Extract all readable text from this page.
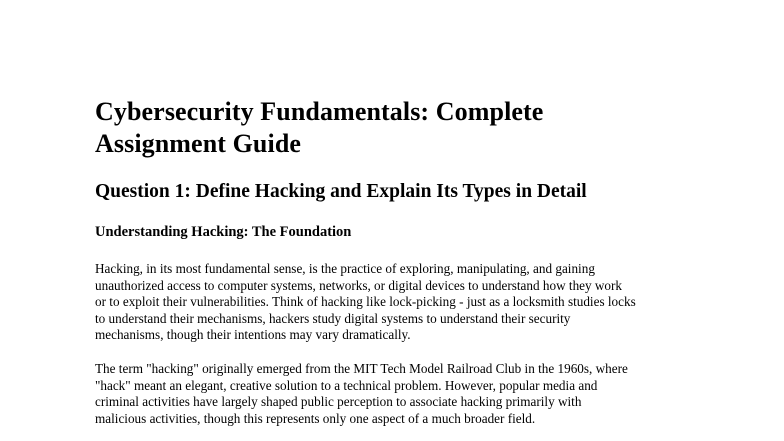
Cybersecurity Fundamentals: Complete
Assignment Guide
Question 1: Define Hacking and Explain Its Types in Detail
Understanding Hacking: The Foundation

Hacking, in its most fundamental sense, is the practice of exploring, manipulating, and gaining
unauthorized access to computer systems, networks, or digital devices to understand how they work
or to exploit their vulnerabilities. Think of hacking like lock-picking - just as a locksmith studies locks
to understand their mechanisms, hackers study digital systems to understand their security
mechanisms, though their intentions may vary dramatically.

The term "hacking" originally emerged from the MIT Tech Model Railroad Club in the 1960s, where
"hack" meant an elegant, creative solution to a technical problem. However, popular media and
criminal activities have largely shaped public perception to associate hacking primarily with
malicious activities, though this represents only one aspect of a much broader field.
